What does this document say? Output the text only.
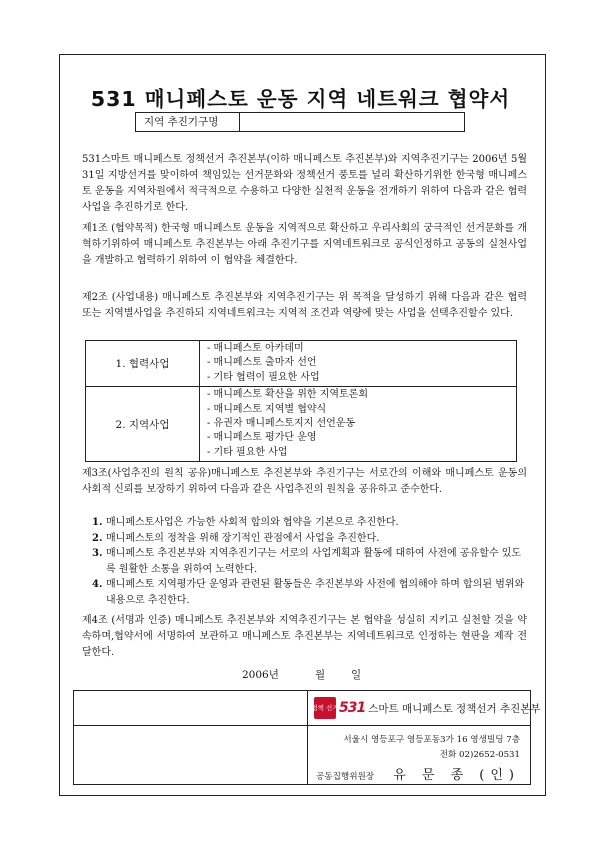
531 매니페스토 운동 지역 네트워크 협약서
지역 추진기구명
531스마트 매니페스토 정책선거 추진본부(이하 매니페스토 추진본부)와 지역추진기구는 2006년 5월 31일 지방선거를 맞이하여 책임있는 선거문화와 정책선거 풍토를 널리 확산하기위한 한국형 매니페스토 운동을 지역차원에서 적극적으로 수용하고 다양한 실천적 운동을 전개하기 위하여 다음과 같은 협력사업을 추진하기로 한다.
제1조 (협약목적) 한국형 매니페스토 운동을 지역적으로 확산하고 우리사회의 궁극적인 선거문화를 개혁하기위하여 매니페스토 추진본부는 아래 추진기구를 지역네트워크로 공식인정하고 공동의 실천사업을 개발하고 협력하기 위하여 이 협약을 체결한다.
제2조 (사업내용) 매니페스토 추진본부와 지역추진기구는 위 목적을 달성하기 위해 다음과 같은 협력 또는 지역별사업을 추진하되 지역네트워크는 지역적 조건과 역량에 맞는 사업을 선택추진할수 있다.
1. 협력사업	- 매니페스토 아카데미
- 매니페스토 출마자 선언
- 기타 협력이 필요한 사업

2. 지역사업	- 매니페스토 확산을 위한 지역토론회
- 매니페스토 지역별 협약식
- 유권자 매니페스토지지 선언운동
- 매니페스토 평가단 운영
- 기타 필요한 사업
제3조(사업추진의 원칙 공유)매니페스토 추진본부와 추진기구는 서로간의 이해와 매니페스토 운동의 사회적 신뢰를 보장하기 위하여 다음과 같은 사업추진의 원칙을 공유하고 준수한다.
1. 매니페스토사업은 가능한 사회적 합의와 협약을 기본으로 추진한다.
2. 매니페스토의 정착을 위해 장기적인 관점에서 사업을 추진한다.
3. 매니페스토 추진본부와 지역추진기구는 서로의 사업계획과 활동에 대하여 사전에 공유할수 있도록 원활한 소통을 위하여 노력한다.
4. 매니페스토 지역평가단 운영과 관련된 활동들은 추진본부와 사전에 협의해야 하며 합의된 범위와 내용으로 추진한다.
제4조 (서명과 인증) 매니페스토 추진본부와 지역추진기구는 본 협약을 성실히 지키고 실천할 것을 약속하며,협약서에 서명하여 보관하고 매니페스토 추진본부는 지역네트워크로 인정하는 현판을 제작 전달한다.
2006년	월 일
정책 선거 531 스마트 매니페스토 정책선거 추진본부
서울시 영등포구 영등포동3가 16 영생빌딩 7층
전화 02)2652-0531
공동집행위원장 유 문 종 (인)
